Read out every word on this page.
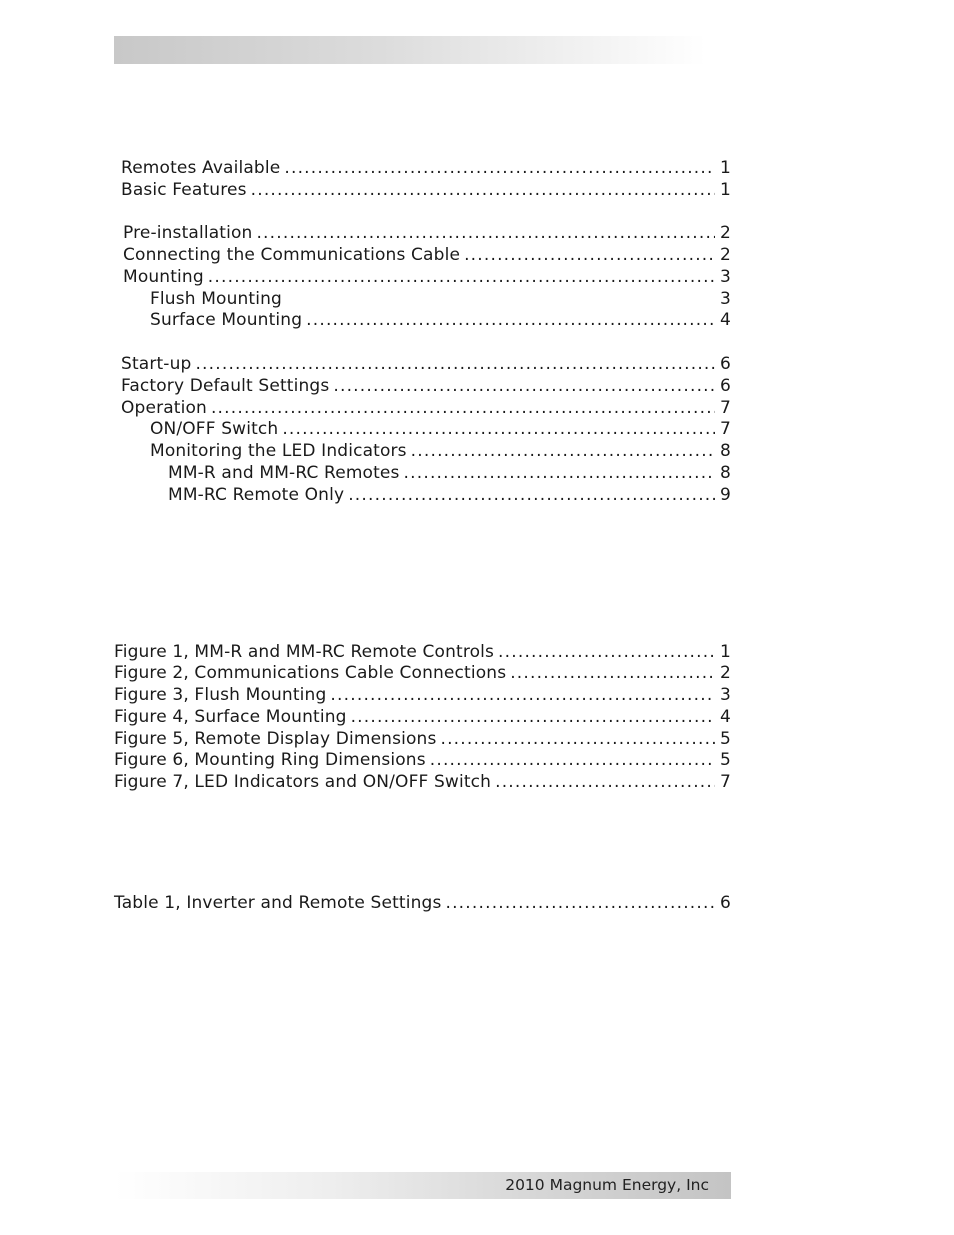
Remotes Available .....	1
Basic Features .....	1
Pre-installation .....	2
Connecting the Communications Cable .....	2
Mounting .....	3
Flush Mounting	3
Surface Mounting .....	4
Start-up .....	6
Factory Default Settings .....	6
Operation .....	7
ON/OFF Switch .....	7
Monitoring the LED Indicators .....	8
MM-R and MM-RC Remotes .....	8
MM-RC Remote Only .....	9
Figure 1, MM-R and MM-RC Remote Controls .....	1
Figure 2, Communications Cable Connections .....	2
Figure 3, Flush Mounting .....	3
Figure 4, Surface Mounting .....	4
Figure 5, Remote Display Dimensions .....	5
Figure 6, Mounting Ring Dimensions .....	5
Figure 7, LED Indicators and ON/OFF Switch .....	7
Table 1, Inverter and Remote Settings .....	6
2010 Magnum Energy, Inc
